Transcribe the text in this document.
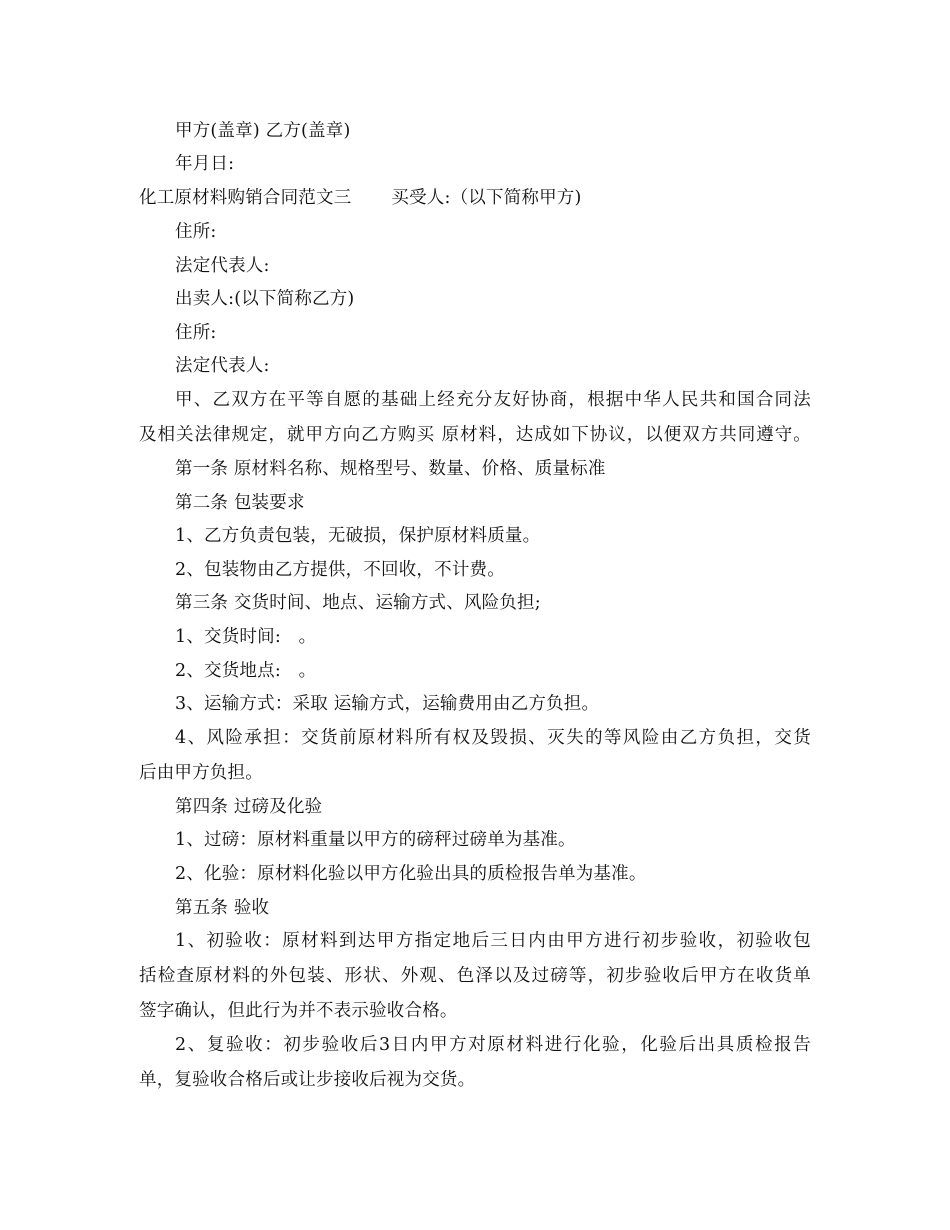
甲方(盖章) 乙方(盖章)
年月日:
化工原材料购销合同范文三 买受人:（以下简称甲方)
住所:
法定代表人:
出卖人:(以下简称乙方)
住所:
法定代表人:
甲、乙双方在平等自愿的基础上经充分友好协商，根据中华人民共和国合同法
及相关法律规定，就甲方向乙方购买 原材料，达成如下协议，以便双方共同遵守。
第一条 原材料名称、规格型号、数量、价格、质量标准
第二条 包装要求
1、乙方负责包装，无破损，保护原材料质量。
2、包装物由乙方提供，不回收，不计费。
第三条 交货时间、地点、运输方式、风险负担;
1、交货时间:　。
2、交货地点:　。
3、运输方式：采取 运输方式，运输费用由乙方负担。
4、风险承担：交货前原材料所有权及毁损、灭失的等风险由乙方负担，交货
后由甲方负担。
第四条 过磅及化验
1、过磅：原材料重量以甲方的磅秤过磅单为基准。
2、化验：原材料化验以甲方化验出具的质检报告单为基准。
第五条 验收
1、初验收：原材料到达甲方指定地后三日内由甲方进行初步验收，初验收包
括检查原材料的外包装、形状、外观、色泽以及过磅等，初步验收后甲方在收货单
签字确认，但此行为并不表示验收合格。
2、复验收：初步验收后3日内甲方对原材料进行化验，化验后出具质检报告
单，复验收合格后或让步接收后视为交货。
